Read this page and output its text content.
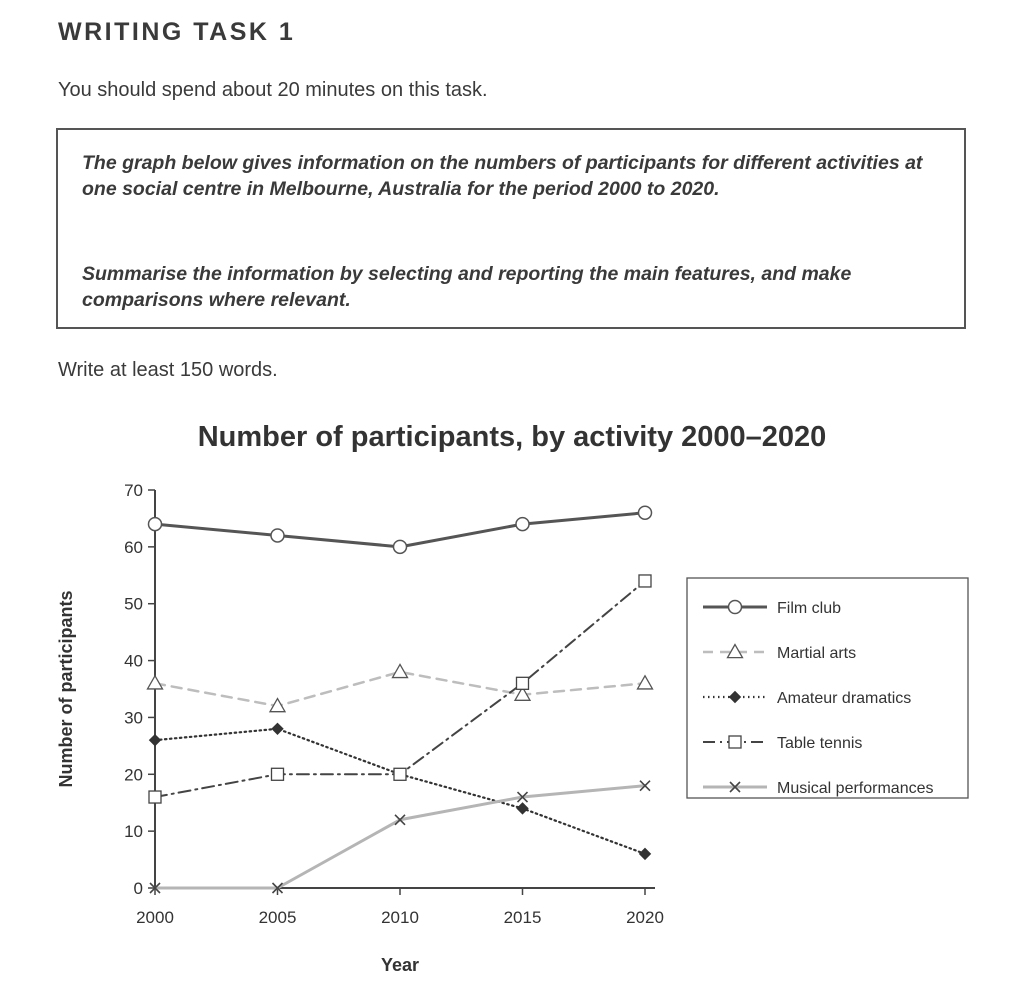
WRITING TASK 1
You should spend about 20 minutes on this task.
The graph below gives information on the numbers of participants for different activities at one social centre in Melbourne, Australia for the period 2000 to 2020.
Summarise the information by selecting and reporting the main features, and make comparisons where relevant.
Write at least 150 words.
Number of participants, by activity 2000–2020
Year
Number of participants
0
10
20
30
40
50
60
70
2000	2005	2010	2015	2020
Film club
Martial arts
Amateur dramatics
Table tennis
Musical performances
